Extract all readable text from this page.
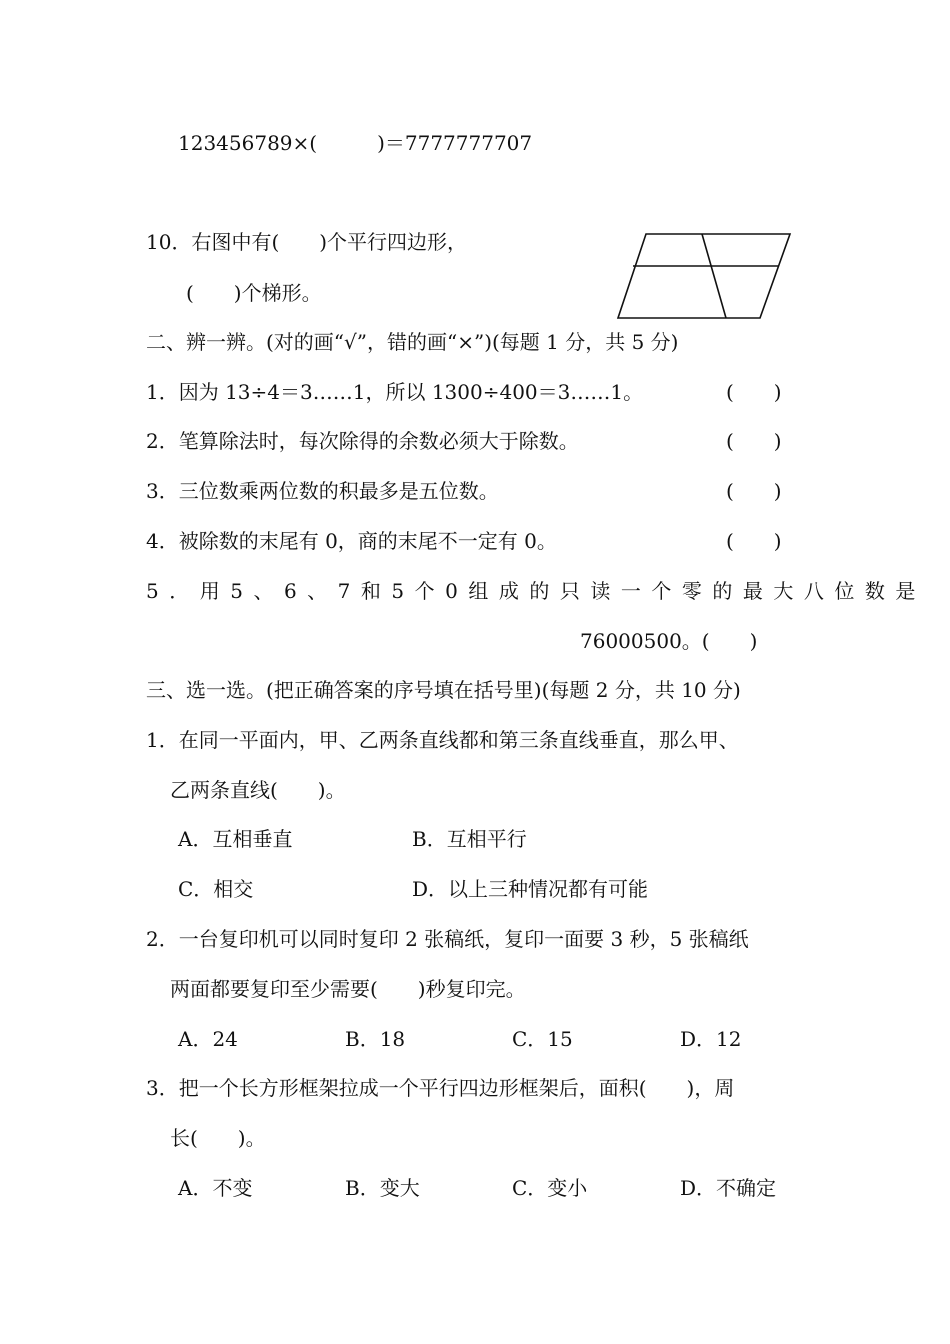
123456789×(　　　)＝7777777707
10．右图中有(　　)个平行四边形，
(　　)个梯形。
二、辨一辨。(对的画“√”，错的画“×”)(每题 1 分，共 5 分)
1．因为 13÷4＝3……1，所以 1300÷400＝3……1。	(　　)
2．笔算除法时，每次除得的余数必须大于除数。	(　　)
3．三位数乘两位数的积最多是五位数。	(　　)
4．被除数的末尾有 0，商的末尾不一定有 0。	(　　)
5．用5、6、7和5个0组成的只读一个零的最大八位数是
76000500。(　　)
三、选一选。(把正确答案的序号填在括号里)(每题 2 分，共 10 分)
1．在同一平面内，甲、乙两条直线都和第三条直线垂直，那么甲、
乙两条直线(　　)。
A．互相垂直	B．互相平行
C．相交	D．以上三种情况都有可能
2．一台复印机可以同时复印 2 张稿纸，复印一面要 3 秒，5 张稿纸
两面都要复印至少需要(　　)秒复印完。
A．24	B．18	C．15	D．12
3．把一个长方形框架拉成一个平行四边形框架后，面积(　　)，周
长(　　)。
A．不变	B．变大	C．变小	D．不确定
